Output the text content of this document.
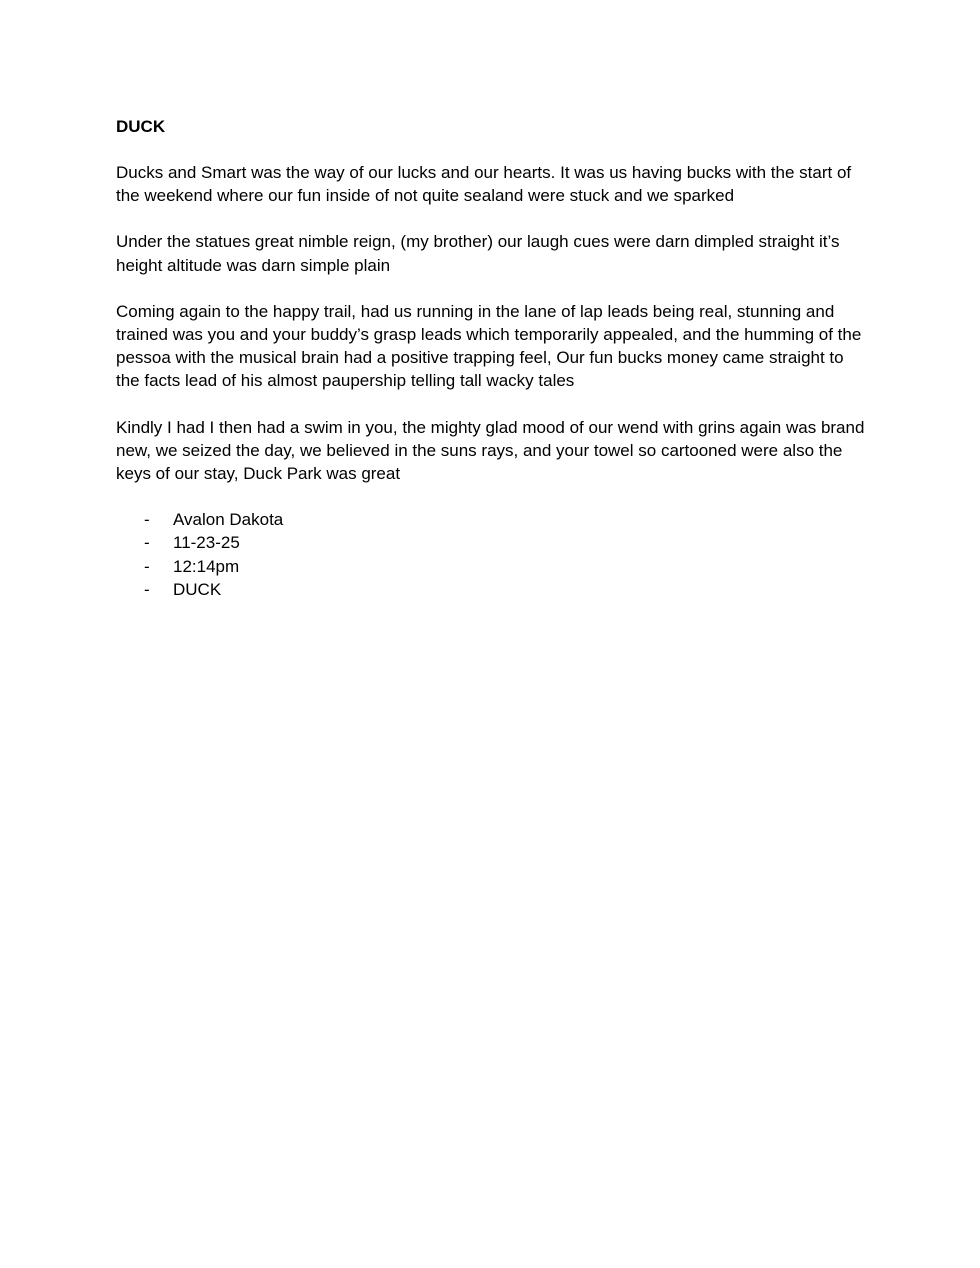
DUCK

Ducks and Smart was the way of our lucks and our hearts. It was us having bucks with the start of the weekend where our fun inside of not quite sealand were stuck and we sparked

Under the statues great nimble reign, (my brother) our laugh cues were darn dimpled straight it’s height altitude was darn simple plain

Coming again to the happy trail, had us running in the lane of lap leads being real, stunning and trained was you and your buddy’s grasp leads which temporarily appealed, and the humming of the pessoa with the musical brain had a positive trapping feel, Our fun bucks money came straight to the facts lead of his almost paupership telling tall wacky tales

Kindly I had I then had a swim in you, the mighty glad mood of our wend with grins again was brand new, we seized the day, we believed in the suns rays, and your towel so cartooned were also the keys of our stay, Duck Park was great

- Avalon Dakota
- 11-23-25
- 12:14pm
- DUCK
